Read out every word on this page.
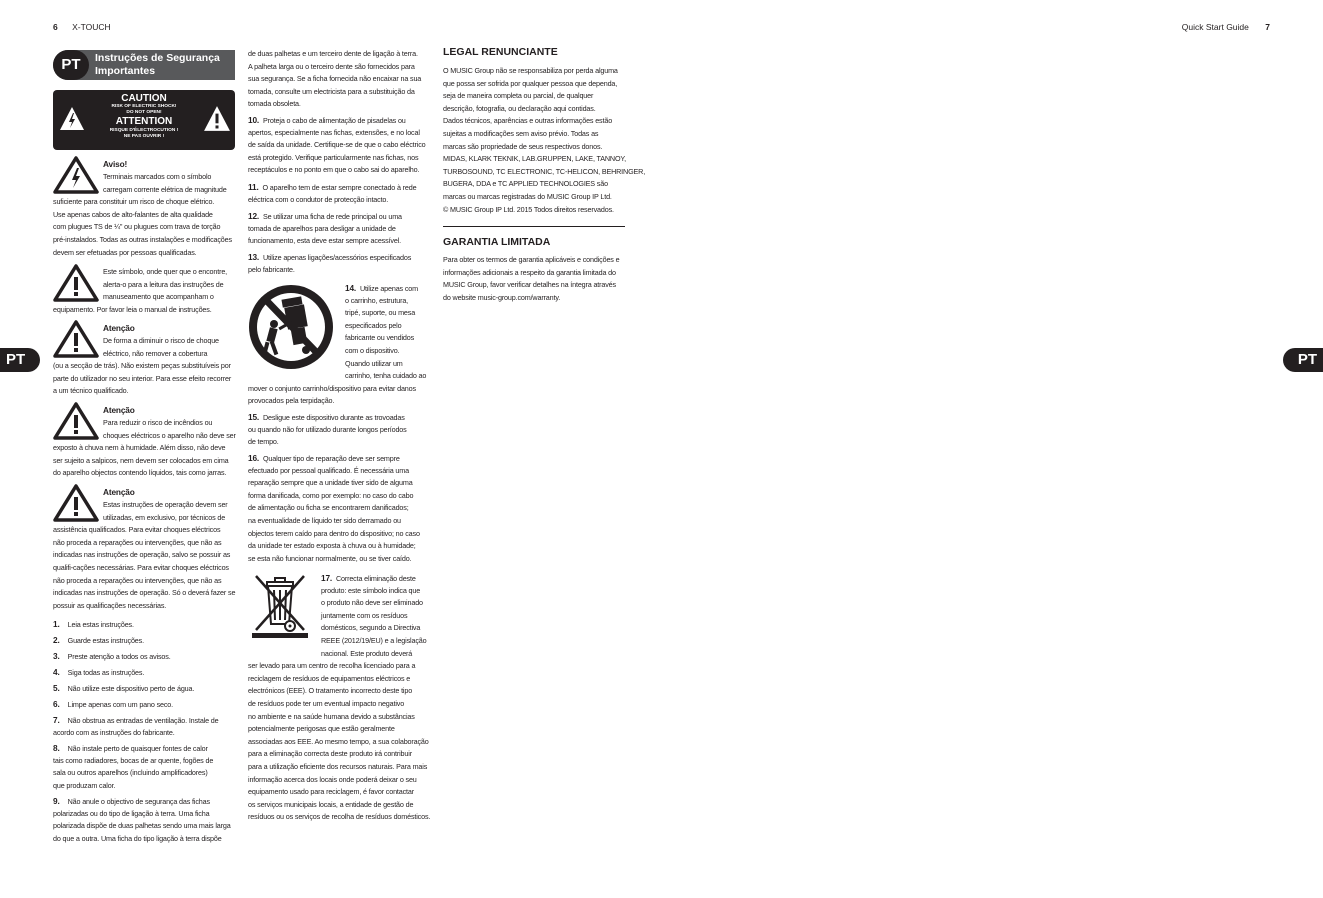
6 X-TOUCH	Quick Start Guide 7
PT	PT
PT	Instruções de Segurança
Importantes
CAUTION
RISK OF ELECTRIC SHOCK!
DO NOT OPEN!
ATTENTION
RISQUE D'ÉLECTROCUTION !
NE PAS OUVRIR !
Aviso!
Terminais marcados com o símbolo
carregam corrente elétrica de magnitude
suficiente para constituir um risco de choque elétrico.
Use apenas cabos de alto-falantes de alta qualidade
com plugues TS de ¼" ou plugues com trava de torção
pré-instalados. Todas as outras instalações e modificações
devem ser efetuadas por pessoas qualificadas.
Este símbolo, onde quer que o encontre,
alerta-o para a leitura das instruções de
manuseamento que acompanham o
equipamento. Por favor leia o manual de instruções.
Atenção
De forma a diminuir o risco de choque
eléctrico, não remover a cobertura
(ou a secção de trás). Não existem peças substituíveis por
parte do utilizador no seu interior. Para esse efeito recorrer
a um técnico qualificado.
Atenção
Para reduzir o risco de incêndios ou
choques eléctricos o aparelho não deve ser
exposto à chuva nem à humidade. Além disso, não deve
ser sujeito a salpicos, nem devem ser colocados em cima
do aparelho objectos contendo líquidos, tais como jarras.
Atenção
Estas instruções de operação devem ser
utilizadas, em exclusivo, por técnicos de
assistência qualificados. Para evitar choques eléctricos
não proceda a reparações ou intervenções, que não as
indicadas nas instruções de operação, salvo se possuir as
qualifi-cações necessárias. Para evitar choques eléctricos
não proceda a reparações ou intervenções, que não as
indicadas nas instruções de operação. Só o deverá fazer se
possuir as qualificações necessárias.
1. Leia estas instruções.
2. Guarde estas instruções.
3. Preste atenção a todos os avisos.
4. Siga todas as instruções.
5. Não utilize este dispositivo perto de água.
6. Limpe apenas com um pano seco.
7. Não obstrua as entradas de ventilação. Instale de
acordo com as instruções do fabricante.
8. Não instale perto de quaisquer fontes de calor
tais como radiadores, bocas de ar quente, fogões de
sala ou outros aparelhos (incluindo amplificadores)
que produzam calor.
9. Não anule o objectivo de segurança das fichas
polarizadas ou do tipo de ligação à terra. Uma ficha
polarizada dispõe de duas palhetas sendo uma mais larga
do que a outra. Uma ficha do tipo ligação à terra dispõe
de duas palhetas e um terceiro dente de ligação à terra.
A palheta larga ou o terceiro dente são fornecidos para
sua segurança. Se a ficha fornecida não encaixar na sua
tomada, consulte um electricista para a substituição da
tomada obsoleta.
10. Proteja o cabo de alimentação de pisadelas ou
apertos, especialmente nas fichas, extensões, e no local
de saída da unidade. Certifique-se de que o cabo eléctrico
está protegido. Verifique particularmente nas fichas, nos
receptáculos e no ponto em que o cabo sai do aparelho.
11. O aparelho tem de estar sempre conectado à rede
eléctrica com o condutor de protecção intacto.
12. Se utilizar uma ficha de rede principal ou uma
tomada de aparelhos para desligar a unidade de
funcionamento, esta deve estar sempre acessível.
13. Utilize apenas ligações/acessórios especificados
pelo fabricante.
14. Utilize apenas com
o carrinho, estrutura,
tripé, suporte, ou mesa
especificados pelo
fabricante ou vendidos
com o dispositivo.
Quando utilizar um
carrinho, tenha cuidado ao
mover o conjunto carrinho/dispositivo para evitar danos
provocados pela terpidação.
15. Desligue este dispositivo durante as trovoadas
ou quando não for utilizado durante longos períodos
de tempo.
16. Qualquer tipo de reparação deve ser sempre
efectuado por pessoal qualificado. É necessária uma
reparação sempre que a unidade tiver sido de alguma
forma danificada, como por exemplo: no caso do cabo
de alimentação ou ficha se encontrarem danificados;
na eventualidade de líquido ter sido derramado ou
objectos terem caído para dentro do dispositivo; no caso
da unidade ter estado exposta à chuva ou à humidade;
se esta não funcionar normalmente, ou se tiver caído.
17. Correcta eliminação deste
produto: este símbolo indica que
o produto não deve ser eliminado
juntamente com os resíduos
domésticos, segundo a Directiva
REEE (2012/19/EU) e a legislação
nacional. Este produto deverá
ser levado para um centro de recolha licenciado para a
reciclagem de resíduos de equipamentos eléctricos e
electrónicos (EEE). O tratamento incorrecto deste tipo
de resíduos pode ter um eventual impacto negativo
no ambiente e na saúde humana devido a substâncias
potencialmente perigosas que estão geralmente
associadas aos EEE. Ao mesmo tempo, a sua colaboração
para a eliminação correcta deste produto irá contribuir
para a utilização eficiente dos recursos naturais. Para mais
informação acerca dos locais onde poderá deixar o seu
equipamento usado para reciclagem, é favor contactar
os serviços municipais locais, a entidade de gestão de
resíduos ou os serviços de recolha de resíduos domésticos.
LEGAL RENUNCIANTE
O MUSIC Group não se responsabiliza por perda alguma
que possa ser sofrida por qualquer pessoa que dependa,
seja de maneira completa ou parcial, de qualquer
descrição, fotografia, ou declaração aqui contidas.
Dados técnicos, aparências e outras informações estão
sujeitas a modificações sem aviso prévio. Todas as
marcas são propriedade de seus respectivos donos.
MIDAS, KLARK TEKNIK, LAB.GRUPPEN, LAKE, TANNOY,
TURBOSOUND, TC ELECTRONIC, TC-HELICON, BEHRINGER,
BUGERA, DDA e TC APPLIED TECHNOLOGIES são
marcas ou marcas registradas do MUSIC Group IP Ltd.
© MUSIC Group IP Ltd. 2015 Todos direitos reservados.
GARANTIA LIMITADA
Para obter os termos de garantia aplicáveis e condições e
informações adicionais a respeito da garantia limitada do
MUSIC Group, favor verificar detalhes na íntegra através
do website music-group.com/warranty.
